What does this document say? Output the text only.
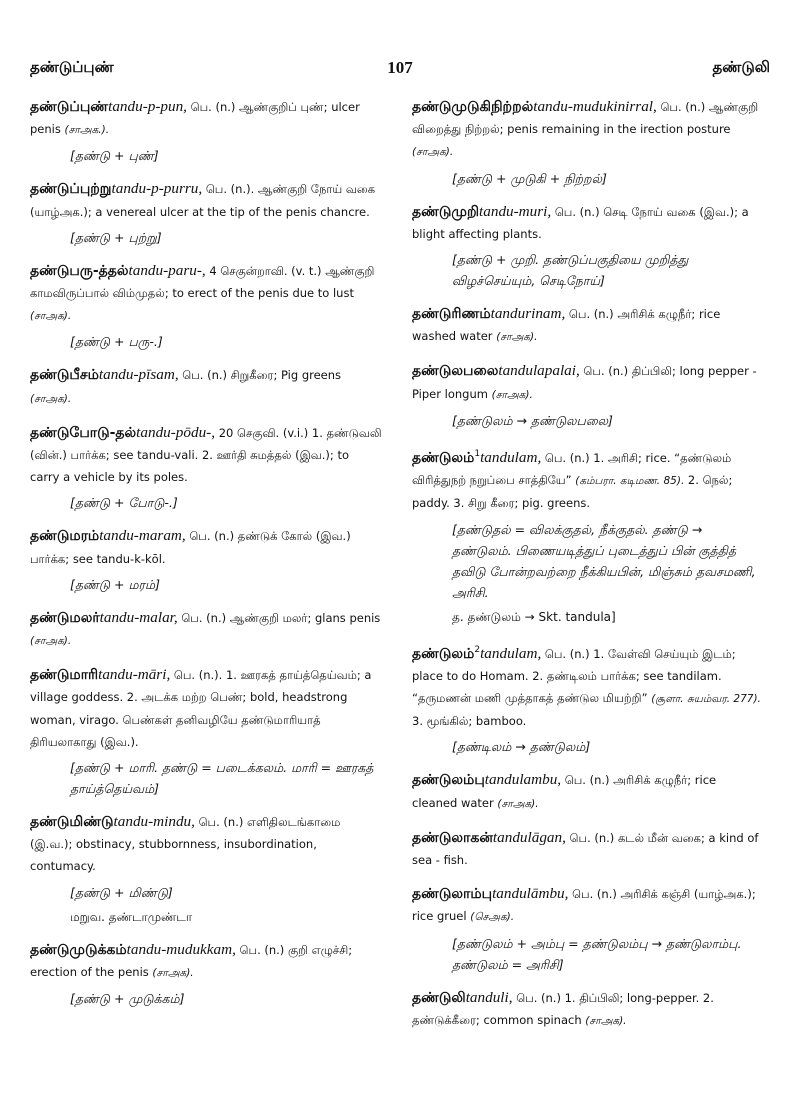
தண்டுப்புண்	107	தண்டுலி
தண்டுப்புண்tandu-p-pun, பெ. (n.) ஆண்குறிப் புண்; ulcer penis (சாஅக.).
[தண்டு + புண்]
தண்டுப்புற்றுtandu-p-purru, பெ. (n.). ஆண்குறி நோய் வகை (யாழ்அக.); a venereal ulcer at the tip of the penis chancre.
[தண்டு + புற்று]
தண்டுபரு-த்தல்tandu-paru-, 4 செகுன்றாவி. (v. t.) ஆண்குறி காமவிருப்பால் விம்முதல்; to erect of the penis due to lust (சாஅக).
[தண்டு + பரு-.]
தண்டுபீசம்tandu-pīsam, பெ. (n.) சிறுகீரை; Pig greens (சாஅக).
தண்டுபோடு-தல்tandu-pōdu-, 20 செகுவி. (v.i.) 1. தண்டுவலி (வின்.) பார்க்க; see tandu-vali. 2. ஊர்தி சுமத்தல் (இவ.); to carry a vehicle by its poles.
[தண்டு + போடு-.]
தண்டுமரம்tandu-maram, பெ. (n.) தண்டுக் கோல் (இவ.) பார்க்க; see tandu-k-kōl.
[தண்டு + மரம்]
தண்டுமலர்tandu-malar, பெ. (n.) ஆண்குறி மலர்; glans penis (சாஅக).
தண்டுமாரிtandu-māri, பெ. (n.). 1. ஊரகத் தாய்த்தெய்வம்; a village goddess. 2. அடக்க மற்ற பெண்; bold, headstrong woman, virago. பெண்கள் தனிவழியே தண்டுமாரியாத் திரியலாகாது (இவ.).
[தண்டு + மாரி. தண்டு = படைக்கலம். மாரி = ஊரகத் தாய்த்தெய்வம்]
தண்டுமிண்டுtandu-mindu, பெ. (n.) எளிதிலடங்காமை (இ.வ.); obstinacy, stubbornness, insubordination, contumacy.
[தண்டு + மிண்டு]
மறுவ. தண்டாமுண்டா
தண்டுமுடுக்கம்tandu-mudukkam, பெ. (n.) குறி எழுச்சி; erection of the penis (சாஅக).
[தண்டு + முடுக்கம்]
தண்டுமுடுகிநிற்றல்tandu-mudukinirral, பெ. (n.) ஆண்குறி விறைத்து நிற்றல்; penis remaining in the irection posture (சாஅக).
[தண்டு + முடுகி + நிற்றல்]
தண்டுமுறிtandu-muri, பெ. (n.) செடி நோய் வகை (இவ.); a blight affecting plants.
[தண்டு + முறி. தண்டுப்பகுதியை முறித்து விழச்செய்யும், செடிநோய்]
தண்டுரிணம்tandurinam, பெ. (n.) அரிசிக் கழுநீர்; rice washed water (சாஅக).
தண்டுலபலைtandulapalai, பெ. (n.) திப்பிலி; long pepper - Piper longum (சாஅக).
[தண்டுலம் → தண்டுலபலை]
தண்டுலம்$^1$tandulam, பெ. (n.) 1. அரிசி; rice. “தண்டுலம் விரித்துநற் நறுப்பை சாத்தியே” (கம்பரா. கடிமண. 85). 2. நெல்; paddy. 3. சிறு கீரை; pig. greens.
[தண்டுதல் = விலக்குதல், நீக்குதல். தண்டு → தண்டுலம். பிணையடித்துப் புடைத்துப் பின் குத்தித் தவிடு போன்றவற்றை நீக்கியபின், மிஞ்சும் தவசமணி, அரிசி.
த. தண்டுலம் → Skt. tandula]
தண்டுலம்$^2$tandulam, பெ. (n.) 1. வேள்வி செய்யும் இடம்; place to do Homam. 2. தண்டிலம் பார்க்க; see tandilam. “தருமணன் மணி முத்தாகத் தண்டுல மியற்றி” (சூளா. சுயம்வர. 277). 3. மூங்கில்; bamboo.
[தண்டிலம் → தண்டுலம்]
தண்டுலம்புtandulambu, பெ. (n.) அரிசிக் கழுநீர்; rice cleaned water (சாஅக).
தண்டுலாகன்tandulāgan, பெ. (n.) கடல் மீன் வகை; a kind of sea - fish.
தண்டுலாம்புtandulāmbu, பெ. (n.) அரிசிக் கஞ்சி (யாழ்அக.); rice gruel (செஅக).
[தண்டுலம் + அம்பு = தண்டுலம்பு → தண்டுலாம்பு. தண்டுலம் = அரிசி]
தண்டுலிtanduli, பெ. (n.) 1. திப்பிலி; long-pepper. 2. தண்டுக்கீரை; common spinach (சாஅக).
